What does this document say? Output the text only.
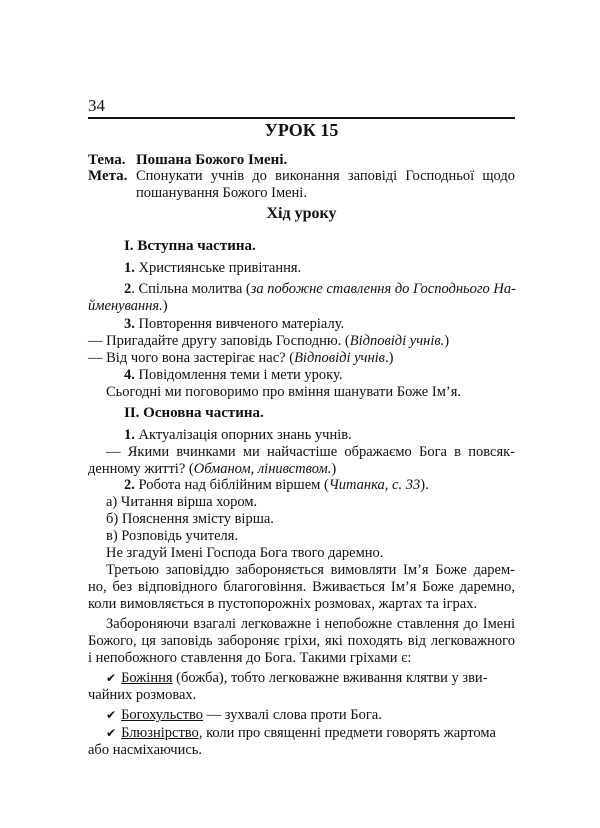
34
УРОК 15
Тема. Пошана Божого Імені.
Мета. Спонукати учнів до виконання заповіді Господньої щодо
пошанування Божого Імені.
Хід уроку
I. Вступна частина.
1. Християнське привітання.
2. Спільна молитва (за побожне ставлення до Господнього На-
йменування.)
3. Повторення вивченого матеріалу.
— Пригадайте другу заповідь Господню. (Відповіді учнів.)
— Від чого вона застерігає нас? (Відповіді учнів.)
4. Повідомлення теми і мети уроку.
Сьогодні ми поговоримо про вміння шанувати Боже Ім’я.
II. Основна частина.
1. Актуалізація опорних знань учнів.
— Якими вчинками ми найчастіше ображаємо Бога в повсяк-
денному житті? (Обманом, лінивством.)
2. Робота над біблійним віршем (Читанка, с. 33).
а) Читання вірша хором.
б) Пояснення змісту вірша.
в) Розповідь учителя.
Не згадуй Імені Господа Бога твого даремно.
Третьою заповіддю забороняється вимовляти Ім’я Боже дарем-
но, без відповідного благоговіння. Вживається Ім’я Боже даремно,
коли вимовляється в пустопорожніх розмовах, жартах та іграх.
Забороняючи взагалі легковажне і непобожне ставлення до Імені
Божого, ця заповідь забороняє гріхи, які походять від легковажного
і непобожного ставлення до Бога. Такими гріхами є:
✔ Божіння (божба), тобто легковажне вживання клятви у зви-
чайних розмовах.
✔ Богохульство — зухвалі слова проти Бога.
✔ Блюзнірство, коли про священні предмети говорять жартома
або насміхаючись.
